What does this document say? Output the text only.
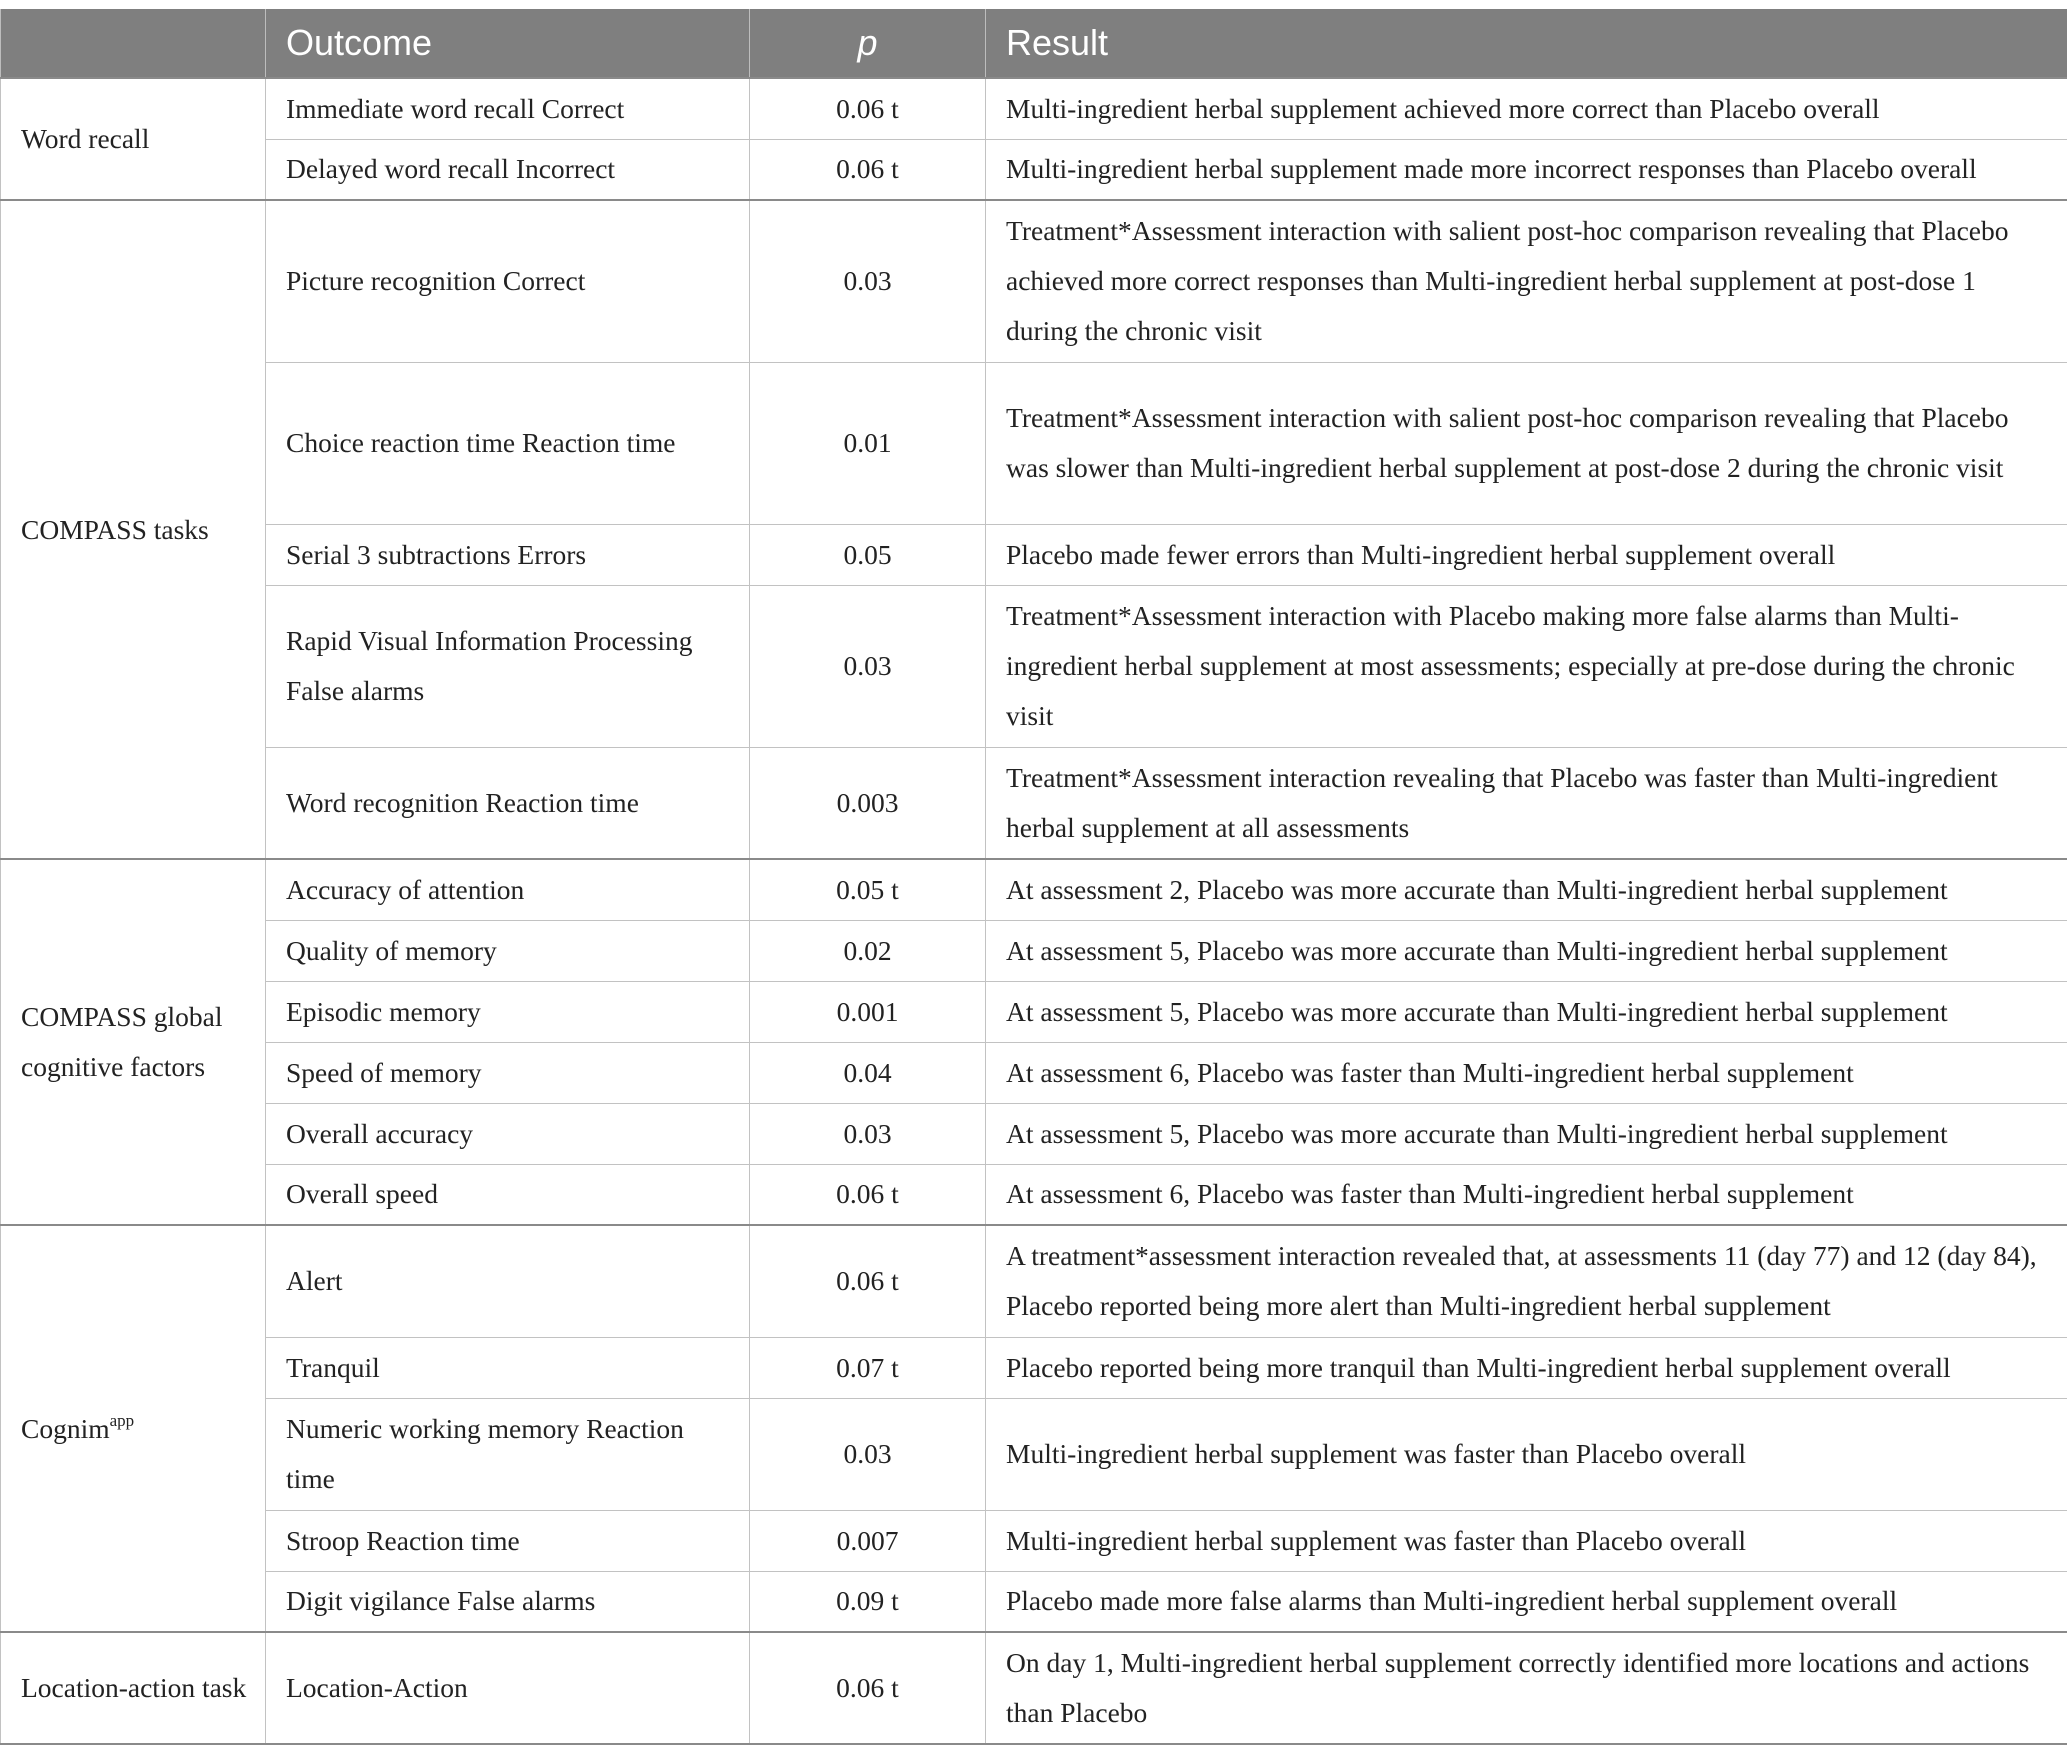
	Outcome	p	Result
Word recall	Immediate word recall Correct	0.06 t	Multi-ingredient herbal supplement achieved more correct than Placebo overall
	Delayed word recall Incorrect	0.06 t	Multi-ingredient herbal supplement made more incorrect responses than Placebo overall
COMPASS tasks	Picture recognition Correct	0.03	Treatment*Assessment interaction with salient post-hoc comparison revealing that Placebo achieved more correct responses than Multi-ingredient herbal supplement at post-dose 1 during the chronic visit
	Choice reaction time Reaction time	0.01	Treatment*Assessment interaction with salient post-hoc comparison revealing that Placebo was slower than Multi-ingredient herbal supplement at post-dose 2 during the chronic visit
	Serial 3 subtractions Errors	0.05	Placebo made fewer errors than Multi-ingredient herbal supplement overall
	Rapid Visual Information Processing False alarms	0.03	Treatment*Assessment interaction with Placebo making more false alarms than Multi-ingredient herbal supplement at most assessments; especially at pre-dose during the chronic visit
	Word recognition Reaction time	0.003	Treatment*Assessment interaction revealing that Placebo was faster than Multi-ingredient herbal supplement at all assessments
COMPASS global cognitive factors	Accuracy of attention	0.05 t	At assessment 2, Placebo was more accurate than Multi-ingredient herbal supplement
	Quality of memory	0.02	At assessment 5, Placebo was more accurate than Multi-ingredient herbal supplement
	Episodic memory	0.001	At assessment 5, Placebo was more accurate than Multi-ingredient herbal supplement
	Speed of memory	0.04	At assessment 6, Placebo was faster than Multi-ingredient herbal supplement
	Overall accuracy	0.03	At assessment 5, Placebo was more accurate than Multi-ingredient herbal supplement
	Overall speed	0.06 t	At assessment 6, Placebo was faster than Multi-ingredient herbal supplement
Cognim$^{app}$	Alert	0.06 t	A treatment*assessment interaction revealed that, at assessments 11 (day 77) and 12 (day 84), Placebo reported being more alert than Multi-ingredient herbal supplement
	Tranquil	0.07 t	Placebo reported being more tranquil than Multi-ingredient herbal supplement overall
	Numeric working memory Reaction time	0.03	Multi-ingredient herbal supplement was faster than Placebo overall
	Stroop Reaction time	0.007	Multi-ingredient herbal supplement was faster than Placebo overall
	Digit vigilance False alarms	0.09 t	Placebo made more false alarms than Multi-ingredient herbal supplement overall
Location-action task	Location-Action	0.06 t	On day 1, Multi-ingredient herbal supplement correctly identified more locations and actions than Placebo
